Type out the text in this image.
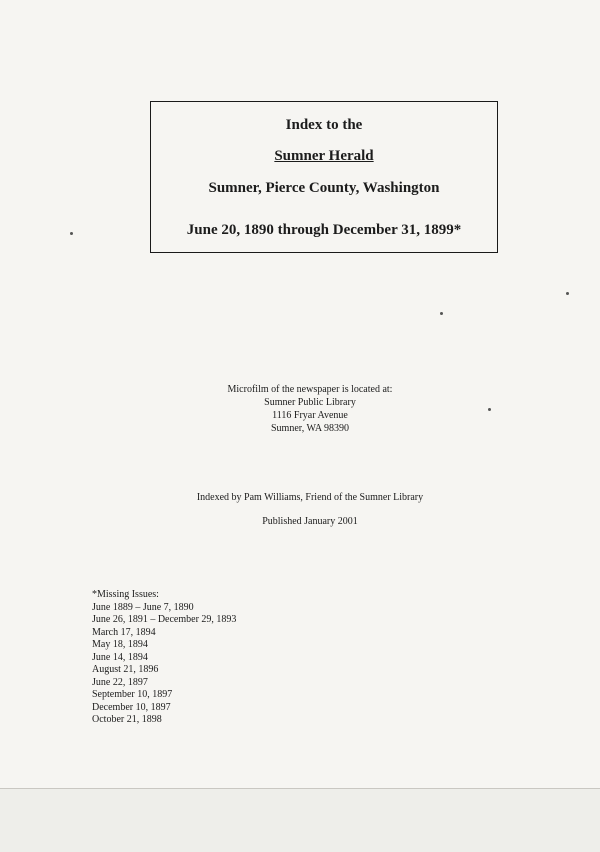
Index to the
Sumner Herald
Sumner, Pierce County, Washington
June 20, 1890 through December 31, 1899*
Microfilm of the newspaper is located at:
Sumner Public Library
1116 Fryar Avenue
Sumner, WA 98390
Indexed by Pam Williams, Friend of the Sumner Library
Published January 2001
*Missing Issues:
June 1889 – June 7, 1890
June 26, 1891 – December 29, 1893
March 17, 1894
May 18, 1894
June 14, 1894
August 21, 1896
June 22, 1897
September 10, 1897
December 10, 1897
October 21, 1898
